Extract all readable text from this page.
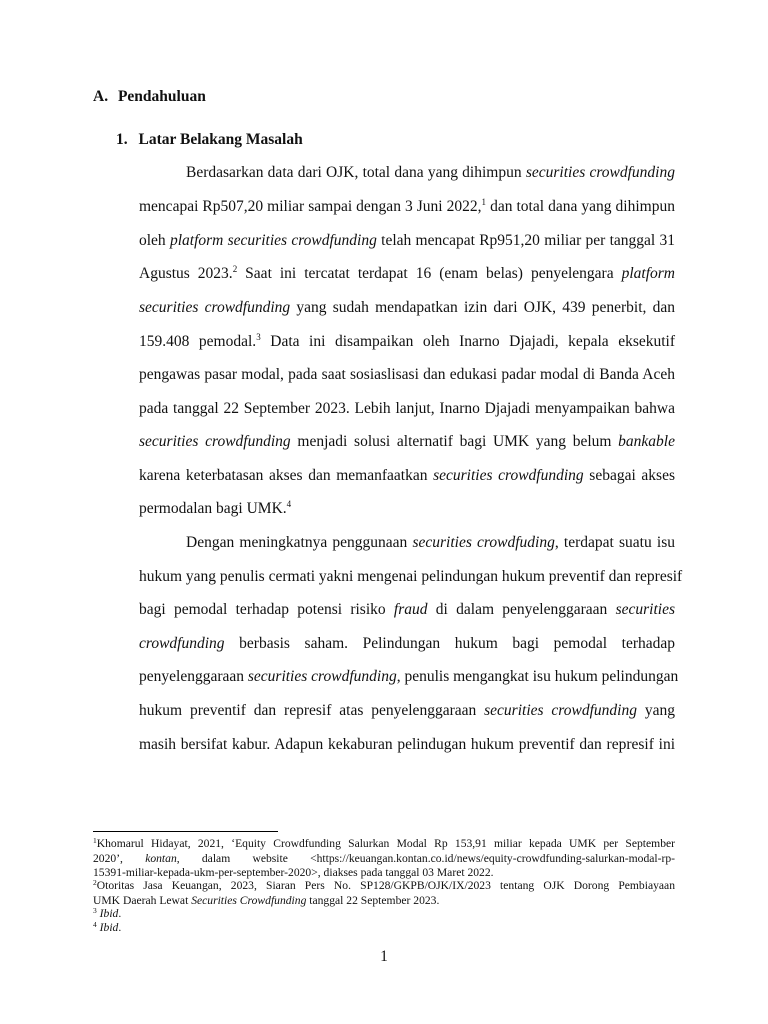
A. Pendahuluan
1. Latar Belakang Masalah
Berdasarkan data dari OJK, total dana yang dihimpun securities crowdfunding
mencapai Rp507,20 miliar sampai dengan 3 Juni 2022,$^1$ dan total dana yang dihimpun
oleh platform securities crowdfunding telah mencapat Rp951,20 miliar per tanggal 31
Agustus 2023.$^2$ Saat ini tercatat terdapat 16 (enam belas) penyelengara platform
securities crowdfunding yang sudah mendapatkan izin dari OJK, 439 penerbit, dan
159.408 pemodal.$^3$ Data ini disampaikan oleh Inarno Djajadi, kepala eksekutif
pengawas pasar modal, pada saat sosiaslisasi dan edukasi padar modal di Banda Aceh
pada tanggal 22 September 2023. Lebih lanjut, Inarno Djajadi menyampaikan bahwa
securities crowdfunding menjadi solusi alternatif bagi UMK yang belum bankable
karena keterbatasan akses dan memanfaatkan securities crowdfunding sebagai akses
permodalan bagi UMK.$^4$
Dengan meningkatnya penggunaan securities crowdfuding, terdapat suatu isu
hukum yang penulis cermati yakni mengenai pelindungan hukum preventif dan represif
bagi pemodal terhadap potensi risiko fraud di dalam penyelenggaraan securities
crowdfunding berbasis saham. Pelindungan hukum bagi pemodal terhadap
penyelenggaraan securities crowdfunding, penulis mengangkat isu hukum pelindungan
hukum preventif dan represif atas penyelenggaraan securities crowdfunding yang
masih bersifat kabur. Adapun kekaburan pelindugan hukum preventif dan represif ini
$^1$Khomarul Hidayat, 2021, ‘Equity Crowdfunding Salurkan Modal Rp 153,91 miliar kepada UMK per September
2020’, kontan, dalam website <https://keuangan.kontan.co.id/news/equity-crowdfunding-salurkan-modal-rp-
15391-miliar-kepada-ukm-per-september-2020>, diakses pada tanggal 03 Maret 2022.
$^2$Otoritas Jasa Keuangan, 2023, Siaran Pers No. SP128/GKPB/OJK/IX/2023 tentang OJK Dorong Pembiayaan
UMK Daerah Lewat Securities Crowdfunding tanggal 22 September 2023.
$^3$ Ibid.
$^4$ Ibid.
1
